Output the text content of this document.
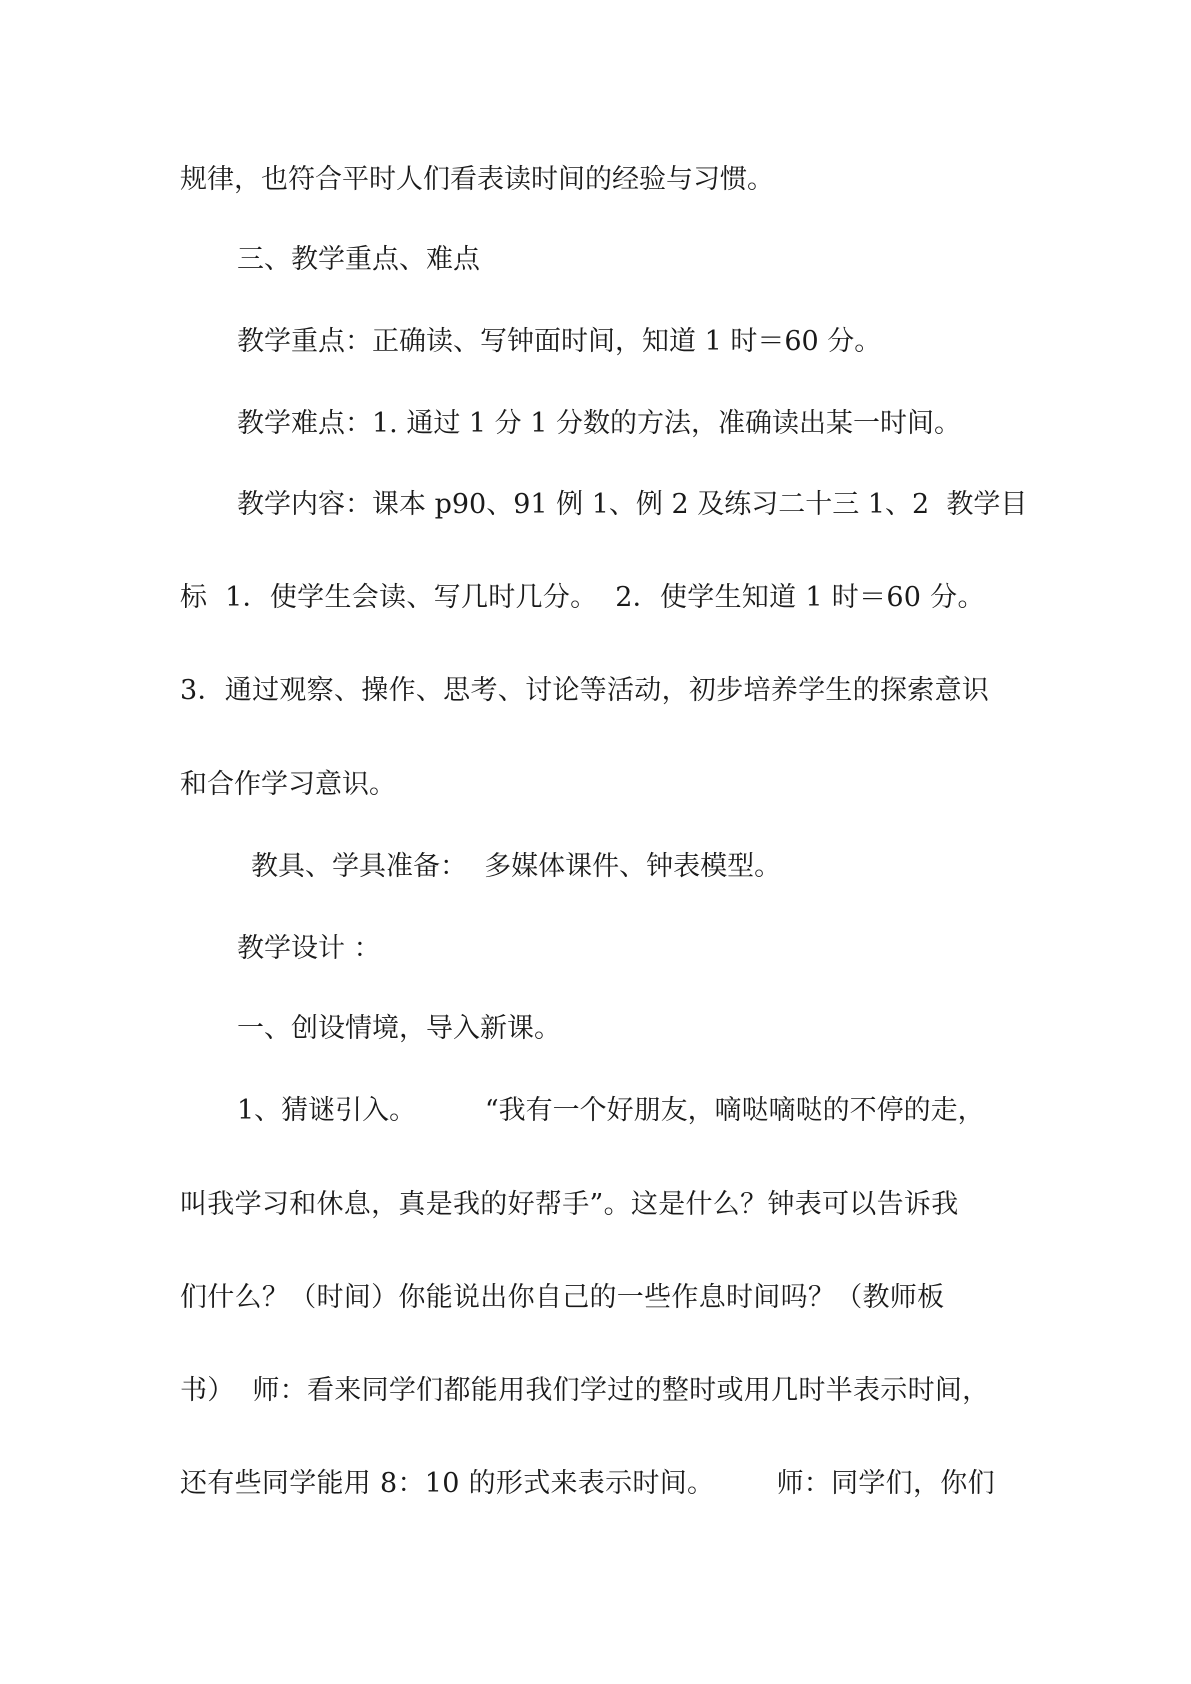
规律，也符合平时人们看表读时间的经验与习惯。

三、教学重点、难点

教学重点：正确读、写钟面时间，知道 1 时＝60 分。

教学难点：1. 通过 1 分 1 分数的方法，准确读出某一时间。

教学内容：课本 p90、91 例 1、例 2 及练习二十三 1、2  教学目

标  1．使学生会读、写几时几分。  2．使学生知道 1 时＝60 分。

3．通过观察、操作、思考、讨论等活动，初步培养学生的探索意识

和合作学习意识。

教具、学具准备：  多媒体课件、钟表模型。

教学设计 ：

一、创设情境，导入新课。

1、猜谜引入。        “我有一个好朋友，嘀哒嘀哒的不停的走，

叫我学习和休息，真是我的好帮手”。这是什么？钟表可以告诉我

们什么？（时间）你能说出你自己的一些作息时间吗？（教师板

书）  师：看来同学们都能用我们学过的整时或用几时半表示时间，

还有些同学能用 8：10 的形式来表示时间。       师：同学们，你们
